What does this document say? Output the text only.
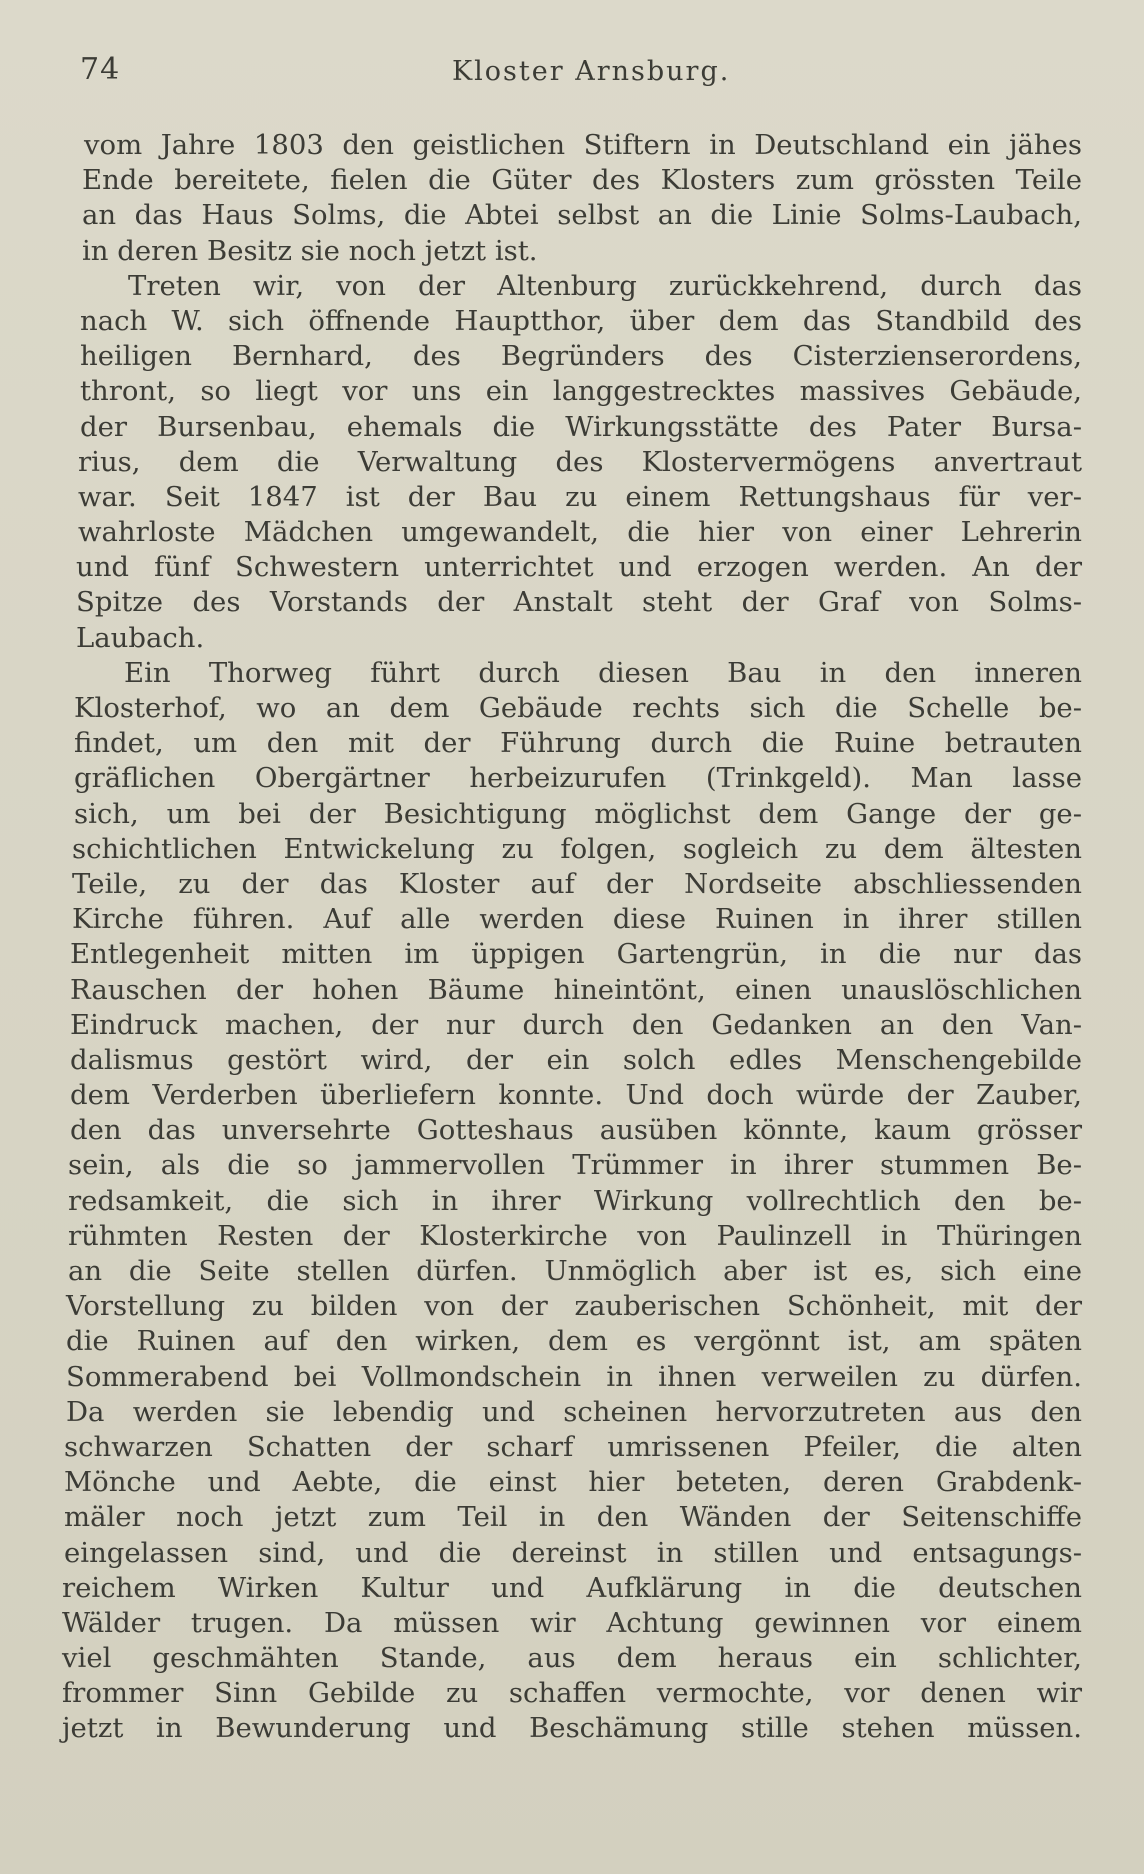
74	Kloster Arnsburg.
vom Jahre 1803 den geistlichen Stiftern in Deutschland ein jähes
Ende bereitete, fielen die Güter des Klosters zum grössten Teile
an das Haus Solms, die Abtei selbst an die Linie Solms-Laubach,
in deren Besitz sie noch jetzt ist.
Treten wir, von der Altenburg zurückkehrend, durch das
nach W. sich öffnende Hauptthor, über dem das Standbild des
heiligen Bernhard, des Begründers des Cisterzienserordens,
thront, so liegt vor uns ein langgestrecktes massives Gebäude,
der Bursenbau, ehemals die Wirkungsstätte des Pater Bursa-
rius, dem die Verwaltung des Klostervermögens anvertraut
war. Seit 1847 ist der Bau zu einem Rettungshaus für ver-
wahrloste Mädchen umgewandelt, die hier von einer Lehrerin
und fünf Schwestern unterrichtet und erzogen werden. An der
Spitze des Vorstands der Anstalt steht der Graf von Solms-
Laubach.
Ein Thorweg führt durch diesen Bau in den inneren
Klosterhof, wo an dem Gebäude rechts sich die Schelle be-
findet, um den mit der Führung durch die Ruine betrauten
gräflichen Obergärtner herbeizurufen (Trinkgeld). Man lasse
sich, um bei der Besichtigung möglichst dem Gange der ge-
schichtlichen Entwickelung zu folgen, sogleich zu dem ältesten
Teile, zu der das Kloster auf der Nordseite abschliessenden
Kirche führen. Auf alle werden diese Ruinen in ihrer stillen
Entlegenheit mitten im üppigen Gartengrün, in die nur das
Rauschen der hohen Bäume hineintönt, einen unauslöschlichen
Eindruck machen, der nur durch den Gedanken an den Van-
dalismus gestört wird, der ein solch edles Menschengebilde
dem Verderben überliefern konnte. Und doch würde der Zauber,
den das unversehrte Gotteshaus ausüben könnte, kaum grösser
sein, als die so jammervollen Trümmer in ihrer stummen Be-
redsamkeit, die sich in ihrer Wirkung vollrechtlich den be-
rühmten Resten der Klosterkirche von Paulinzell in Thüringen
an die Seite stellen dürfen. Unmöglich aber ist es, sich eine
Vorstellung zu bilden von der zauberischen Schönheit, mit der
die Ruinen auf den wirken, dem es vergönnt ist, am späten
Sommerabend bei Vollmondschein in ihnen verweilen zu dürfen.
Da werden sie lebendig und scheinen hervorzutreten aus den
schwarzen Schatten der scharf umrissenen Pfeiler, die alten
Mönche und Aebte, die einst hier beteten, deren Grabdenk-
mäler noch jetzt zum Teil in den Wänden der Seitenschiffe
eingelassen sind, und die dereinst in stillen und entsagungs-
reichem Wirken Kultur und Aufklärung in die deutschen
Wälder trugen. Da müssen wir Achtung gewinnen vor einem
viel geschmähten Stande, aus dem heraus ein schlichter,
frommer Sinn Gebilde zu schaffen vermochte, vor denen wir
jetzt in Bewunderung und Beschämung stille stehen müssen.
